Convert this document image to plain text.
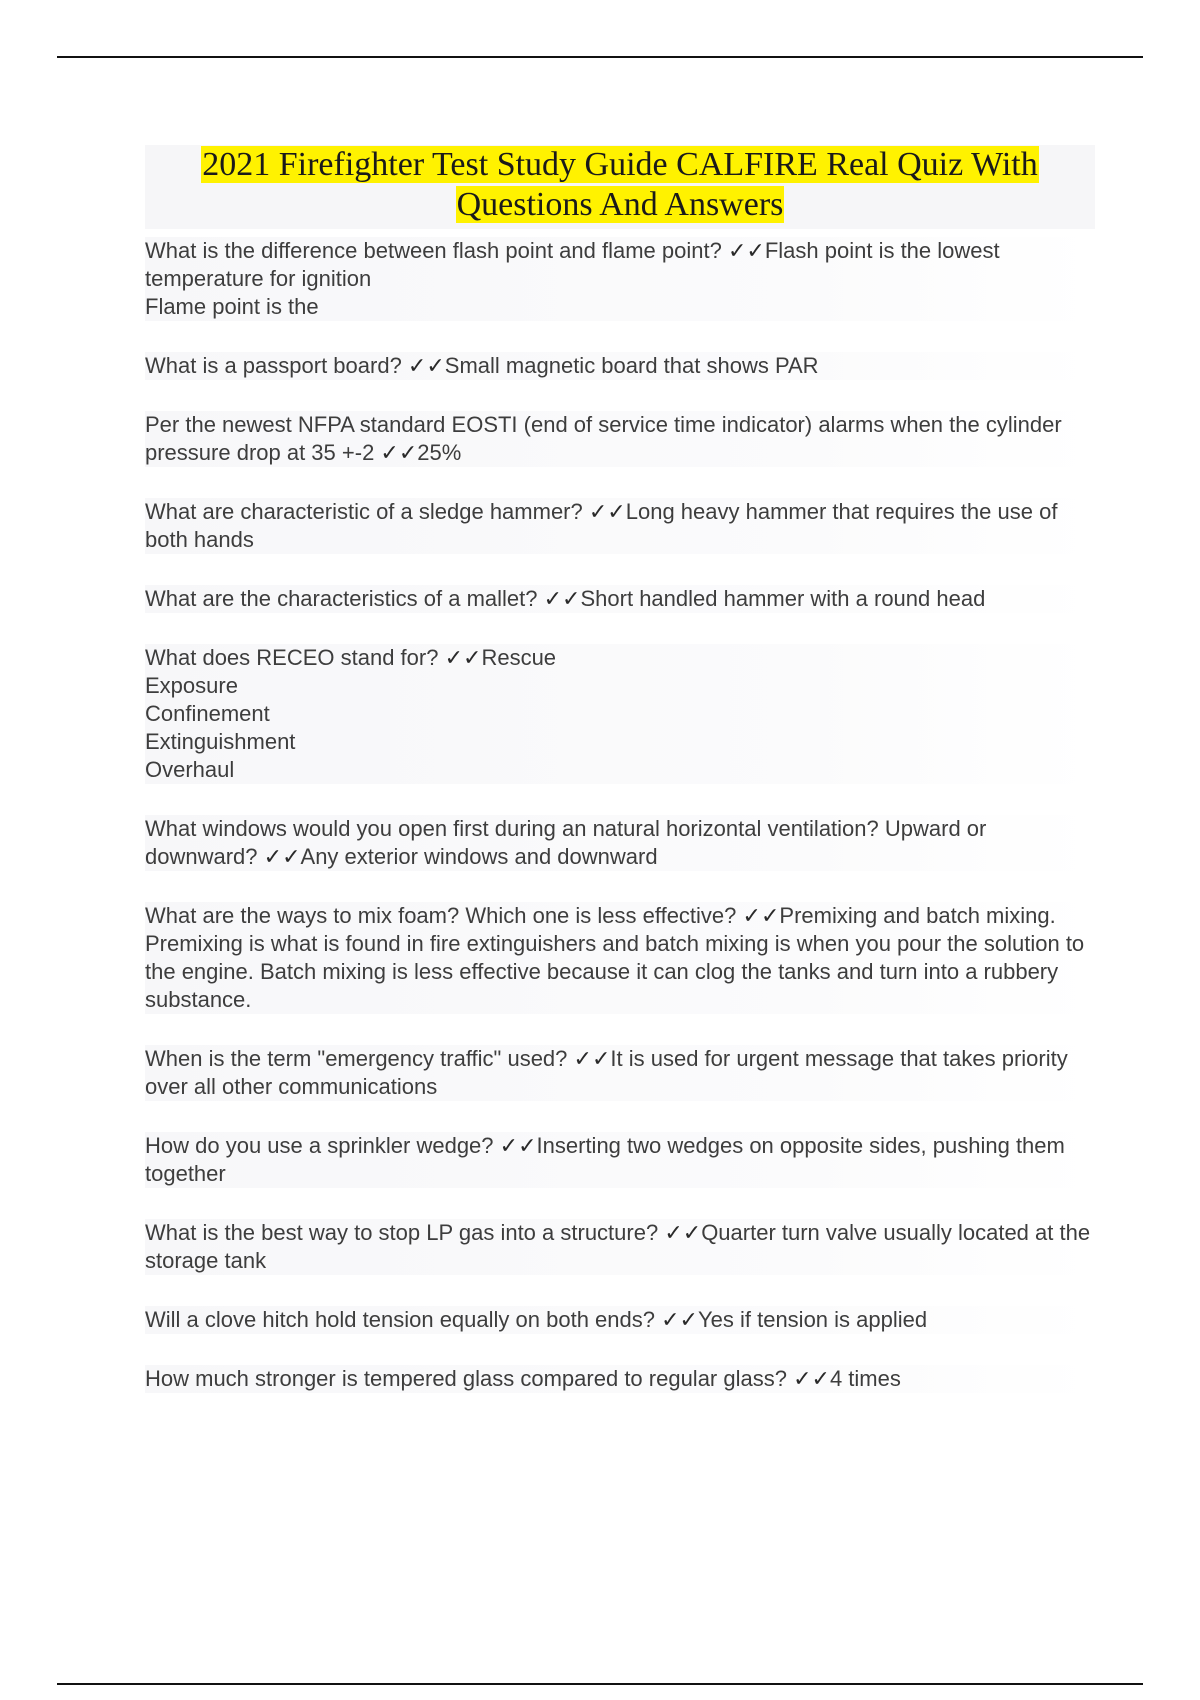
2021 Firefighter Test Study Guide CALFIRE Real Quiz With Questions And Answers

What is the difference between flash point and flame point? ✓✓Flash point is the lowest temperature for ignition
Flame point is the

What is a passport board? ✓✓Small magnetic board that shows PAR

Per the newest NFPA standard EOSTI (end of service time indicator) alarms when the cylinder pressure drop at 35 +-2 ✓✓25%

What are characteristic of a sledge hammer? ✓✓Long heavy hammer that requires the use of both hands

What are the characteristics of a mallet? ✓✓Short handled hammer with a round head

What does RECEO stand for? ✓✓Rescue
Exposure
Confinement
Extinguishment
Overhaul

What windows would you open first during an natural horizontal ventilation? Upward or downward? ✓✓Any exterior windows and downward

What are the ways to mix foam? Which one is less effective? ✓✓Premixing and batch mixing. Premixing is what is found in fire extinguishers and batch mixing is when you pour the solution to the engine. Batch mixing is less effective because it can clog the tanks and turn into a rubbery substance.

When is the term "emergency traffic" used? ✓✓It is used for urgent message that takes priority over all other communications

How do you use a sprinkler wedge? ✓✓Inserting two wedges on opposite sides, pushing them together

What is the best way to stop LP gas into a structure? ✓✓Quarter turn valve usually located at the storage tank

Will a clove hitch hold tension equally on both ends? ✓✓Yes if tension is applied

How much stronger is tempered glass compared to regular glass? ✓✓4 times
